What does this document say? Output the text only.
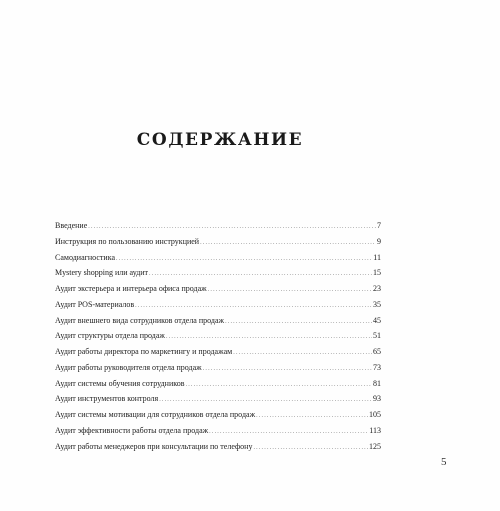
СОДЕРЖАНИЕ
Введение .....	7
Инструкция по пользованию инструкцией .....	9
Самодиагностика .....	11
Mystery shopping или аудит .....	15
Аудит экстерьера и интерьера офиса продаж .....	23
Аудит POS-материалов .....	35
Аудит внешнего вида сотрудников отдела продаж .....	45
Аудит структуры отдела продаж .....	51
Аудит работы директора по маркетингу и продажам .....	65
Аудит работы руководителя отдела продаж .....	73
Аудит системы обучения сотрудников .....	81
Аудит инструментов контроля .....	93
Аудит системы мотивации для сотрудников отдела продаж .....	105
Аудит эффективности работы отдела продаж .....	113
Аудит работы менеджеров при консультации по телефону .....	125
5
